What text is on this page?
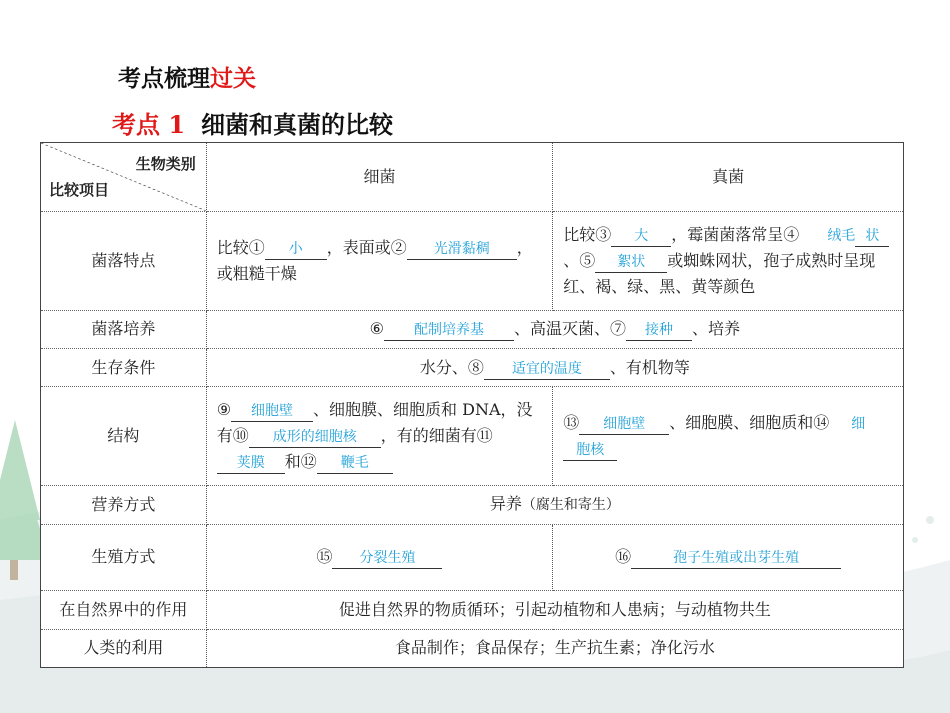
考点梳理过关
考点 1 细菌和真菌的比较
生物类别
比较项目	细菌	真菌
菌落特点	比较① 小 ，表面或② 光滑黏稠 ，或粗糙干燥	比较③ 大 ，霉菌菌落常呈④ 绒毛 状、⑤ 絮状 或蜘蛛网状，孢子成熟时呈现红、褐、绿、黑、黄等颜色
菌落培养	⑥ 配制培养基 、高温灭菌、⑦ 接种 、培养	
生存条件	水分、⑧ 适宜的温度 、有机物等	
结构	⑨ 细胞壁 、细胞膜、细胞质和 DNA，没有⑩ 成形的细胞核 ，有的细菌有⑪荚膜 和⑫ 鞭毛	⑬ 细胞壁 、细胞膜、细胞质和⑭ 细胞核
营养方式	异养（腐生和寄生）	
生殖方式	⑮ 分裂生殖	⑯ 孢子生殖或出芽生殖
在自然界中的作用	促进自然界的物质循环；引起动植物和人患病；与动植物共生	
人类的利用	食品制作；食品保存；生产抗生素；净化污水	
